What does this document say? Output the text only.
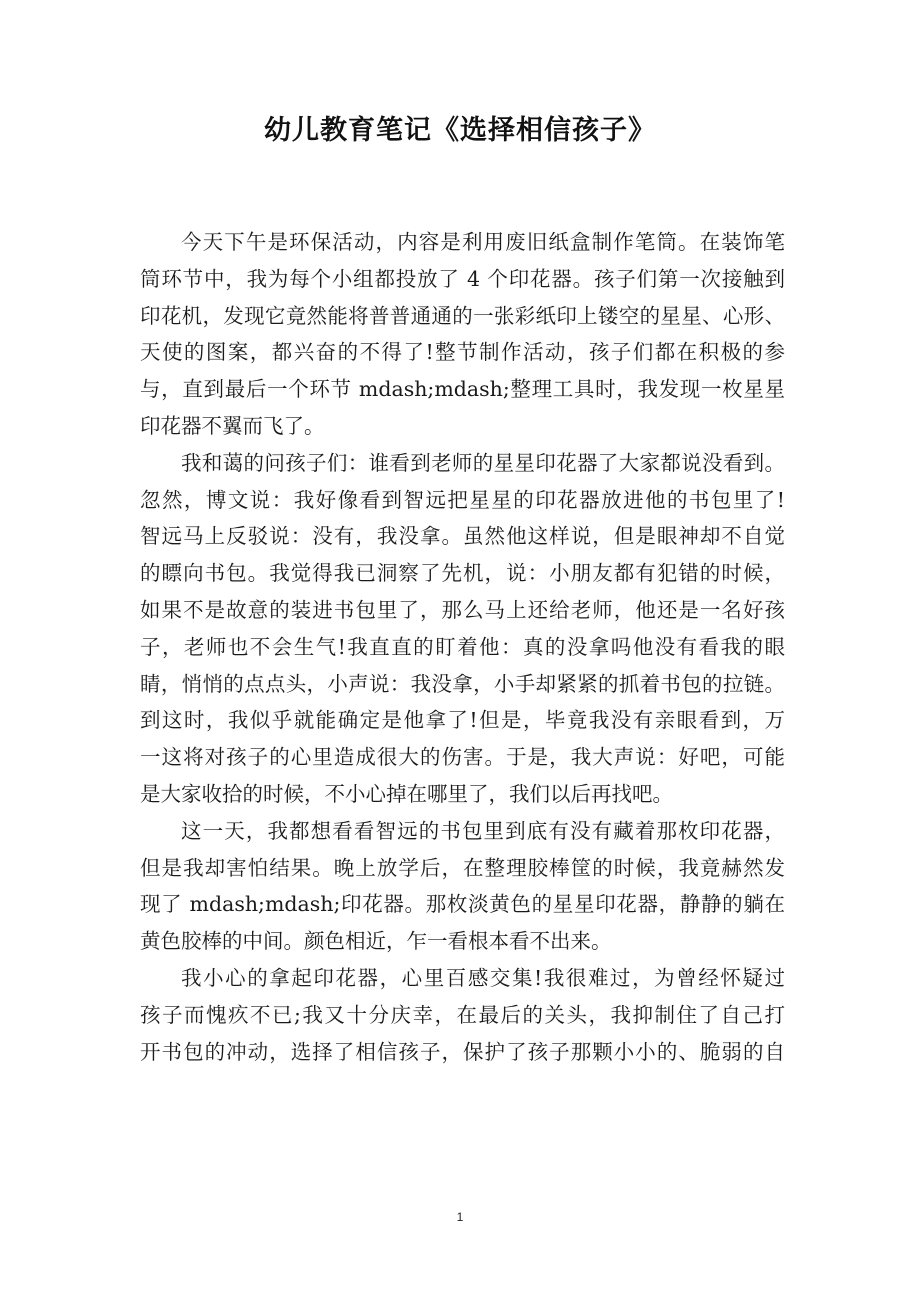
幼儿教育笔记《选择相信孩子》
今天下午是环保活动，内容是利用废旧纸盒制作笔筒。在装饰笔
筒环节中，我为每个小组都投放了 4 个印花器。孩子们第一次接触到
印花机，发现它竟然能将普普通通的一张彩纸印上镂空的星星、心形、
天使的图案，都兴奋的不得了!整节制作活动，孩子们都在积极的参
与，直到最后一个环节 mdash;mdash;整理工具时，我发现一枚星星
印花器不翼而飞了。
我和蔼的问孩子们：谁看到老师的星星印花器了大家都说没看到。
忽然，博文说：我好像看到智远把星星的印花器放进他的书包里了!
智远马上反驳说：没有，我没拿。虽然他这样说，但是眼神却不自觉
的瞟向书包。我觉得我已洞察了先机，说：小朋友都有犯错的时候，
如果不是故意的装进书包里了，那么马上还给老师，他还是一名好孩
子，老师也不会生气!我直直的盯着他：真的没拿吗他没有看我的眼
睛，悄悄的点点头，小声说：我没拿，小手却紧紧的抓着书包的拉链。
到这时，我似乎就能确定是他拿了!但是，毕竟我没有亲眼看到，万
一这将对孩子的心里造成很大的伤害。于是，我大声说：好吧，可能
是大家收拾的时候，不小心掉在哪里了，我们以后再找吧。
这一天，我都想看看智远的书包里到底有没有藏着那枚印花器，
但是我却害怕结果。晚上放学后，在整理胶棒筐的时候，我竟赫然发
现了 mdash;mdash;印花器。那枚淡黄色的星星印花器，静静的躺在
黄色胶棒的中间。颜色相近，乍一看根本看不出来。
我小心的拿起印花器，心里百感交集!我很难过，为曾经怀疑过
孩子而愧疚不已;我又十分庆幸，在最后的关头，我抑制住了自己打
开书包的冲动，选择了相信孩子，保护了孩子那颗小小的、脆弱的自
1
